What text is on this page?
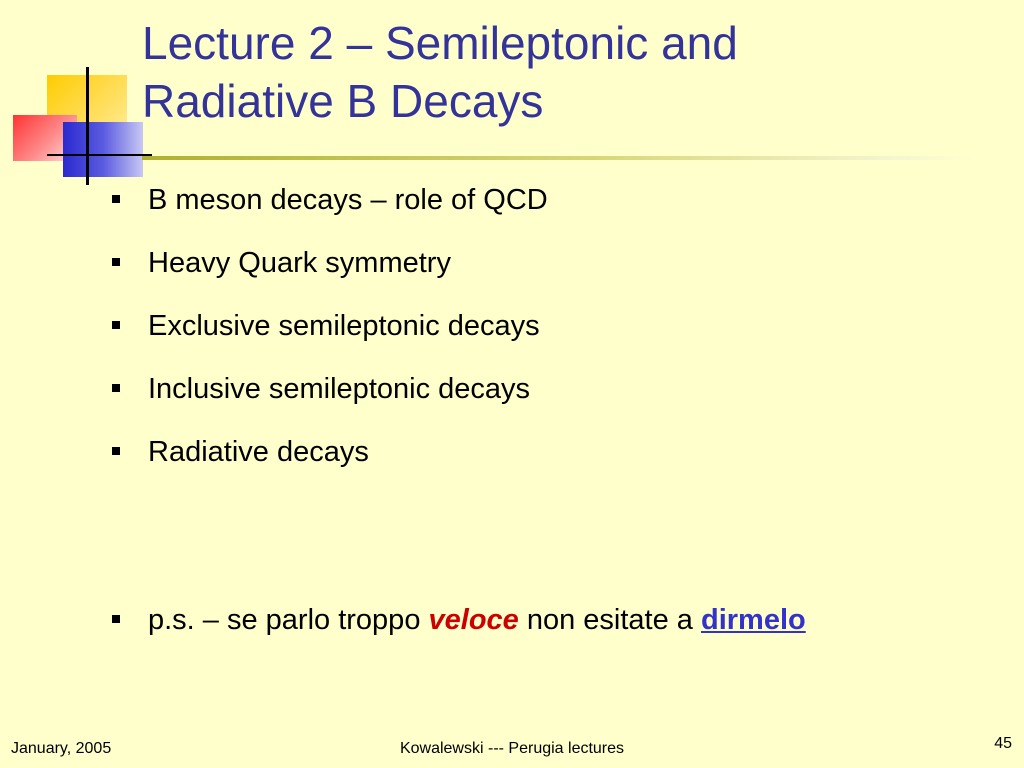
Lecture 2 – Semileptonic and
Radiative B Decays
B meson decays – role of QCD
Heavy Quark symmetry
Exclusive semileptonic decays
Inclusive semileptonic decays
Radiative decays
p.s. – se parlo troppo veloce non esitate a dirmelo
January, 2005	Kowalewski --- Perugia lectures	45
